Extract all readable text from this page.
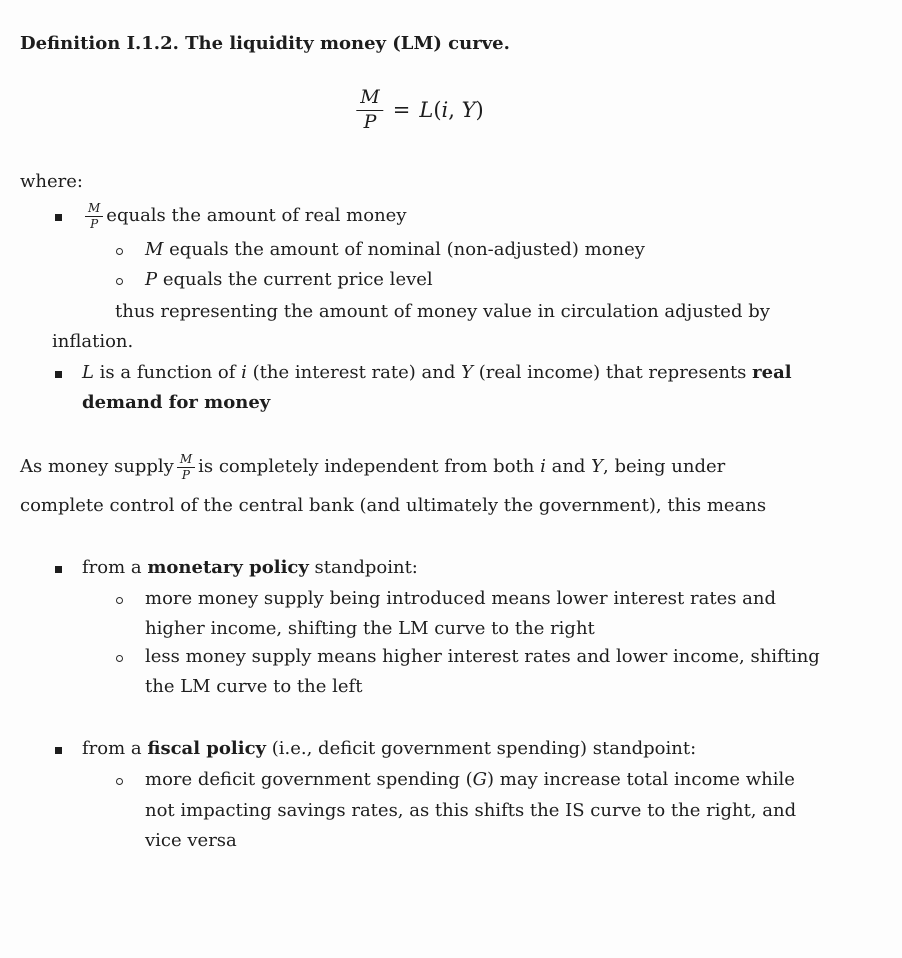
Definition I.1.2. The liquidity money (LM) curve.
$\frac{M}{P} = L(i$, Y)
where:
$\frac{M}{P}$ equals the amount of real money
M equals the amount of nominal (non-adjusted) money
P equals the current price level
thus representing the amount of money value in circulation adjusted by
inflation.
L is a function of i (the interest rate) and Y (real income) that represents real
demand for money
As money supply $\frac{M}{P}$ is completely independent from both i and Y, being under
complete control of the central bank (and ultimately the government), this means
from a monetary policy standpoint:
more money supply being introduced means lower interest rates and
higher income, shifting the LM curve to the right
less money supply means higher interest rates and lower income, shifting
the LM curve to the left
from a fiscal policy (i.e., deficit government spending) standpoint:
more deficit government spending (G) may increase total income while
not impacting savings rates, as this shifts the IS curve to the right, and
vice versa
